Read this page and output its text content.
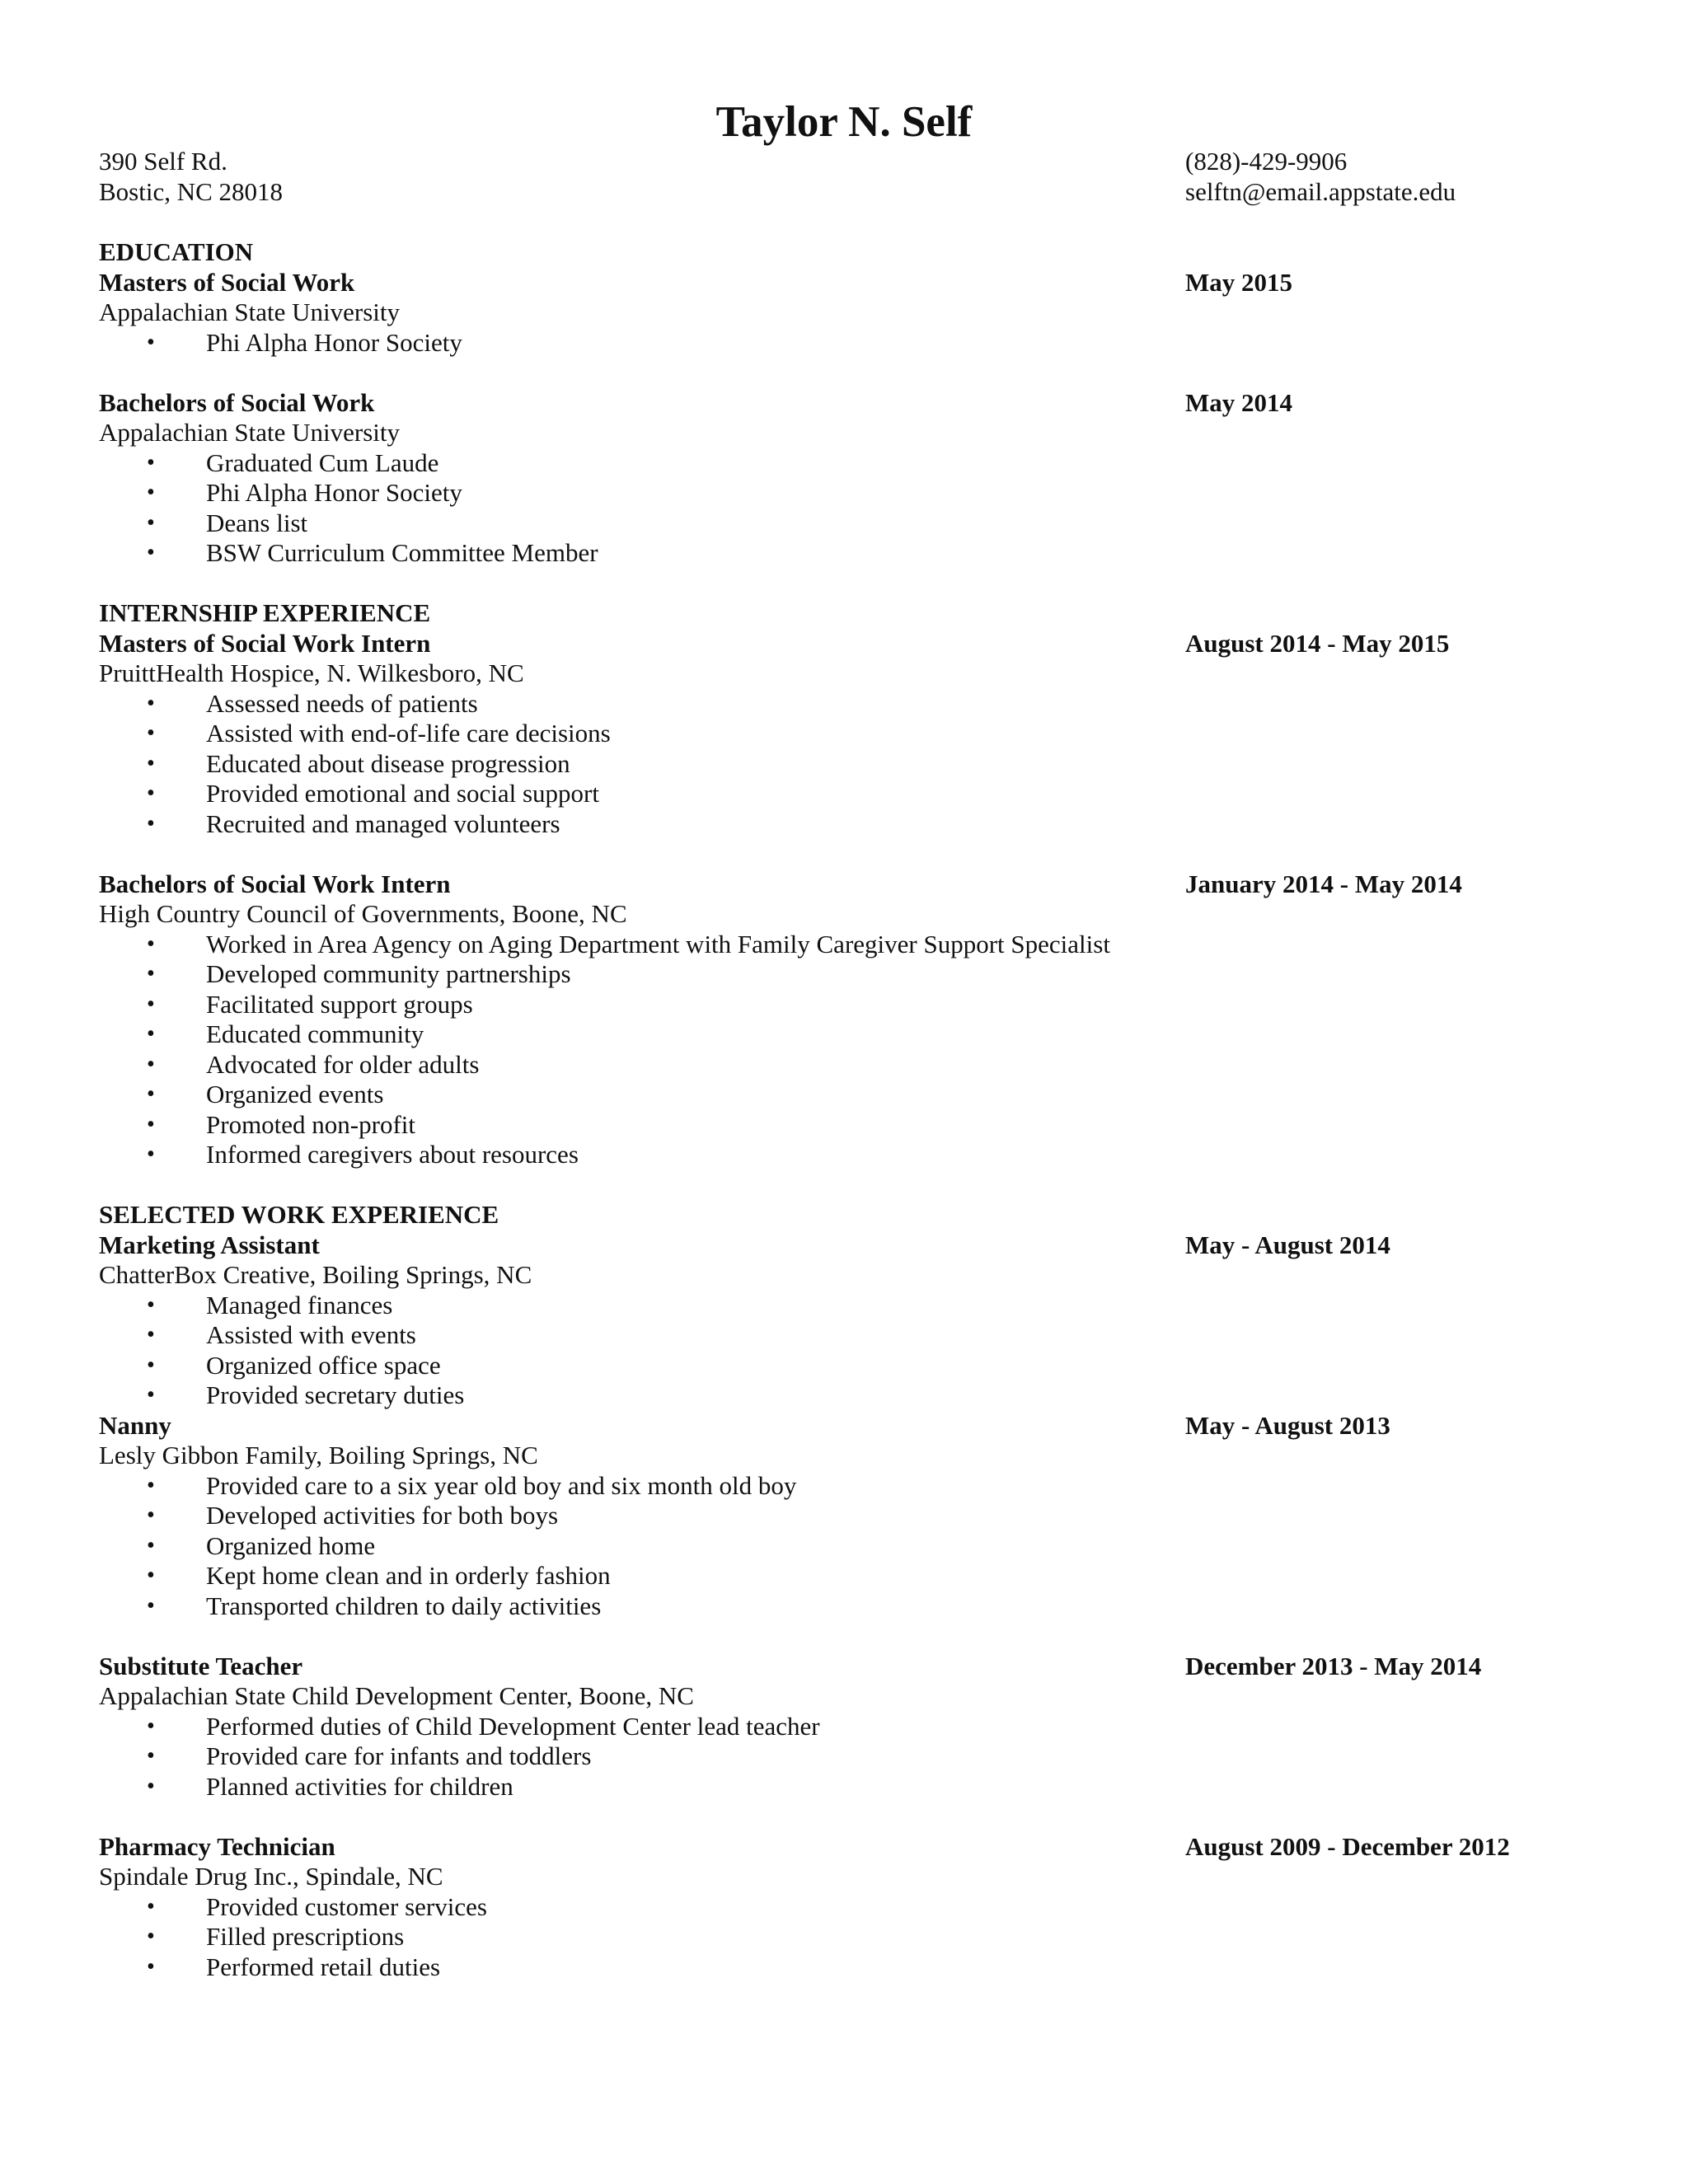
Taylor N. Self
390 Self Rd.	(828)-429-9906
Bostic, NC 28018	selftn@email.appstate.edu
EDUCATION
Masters of Social Work	May 2015
Appalachian State University
• Phi Alpha Honor Society
Bachelors of Social Work	May 2014
Appalachian State University
• Graduated Cum Laude
• Phi Alpha Honor Society
• Deans list
• BSW Curriculum Committee Member
INTERNSHIP EXPERIENCE
Masters of Social Work Intern	August 2014 - May 2015
PruittHealth Hospice, N. Wilkesboro, NC
• Assessed needs of patients
• Assisted with end-of-life care decisions
• Educated about disease progression
• Provided emotional and social support
• Recruited and managed volunteers
Bachelors of Social Work Intern	January 2014 - May 2014
High Country Council of Governments, Boone, NC
• Worked in Area Agency on Aging Department with Family Caregiver Support Specialist
• Developed community partnerships
• Facilitated support groups
• Educated community
• Advocated for older adults
• Organized events
• Promoted non-profit
• Informed caregivers about resources
SELECTED WORK EXPERIENCE
Marketing Assistant	May - August 2014
ChatterBox Creative, Boiling Springs, NC
• Managed finances
• Assisted with events
• Organized office space
• Provided secretary duties
Nanny	May - August 2013
Lesly Gibbon Family, Boiling Springs, NC
• Provided care to a six year old boy and six month old boy
• Developed activities for both boys
• Organized home
• Kept home clean and in orderly fashion
• Transported children to daily activities
Substitute Teacher	December 2013 - May 2014
Appalachian State Child Development Center, Boone, NC
• Performed duties of Child Development Center lead teacher
• Provided care for infants and toddlers
• Planned activities for children
Pharmacy Technician	August 2009 - December 2012
Spindale Drug Inc., Spindale, NC
• Provided customer services
• Filled prescriptions
• Performed retail duties
